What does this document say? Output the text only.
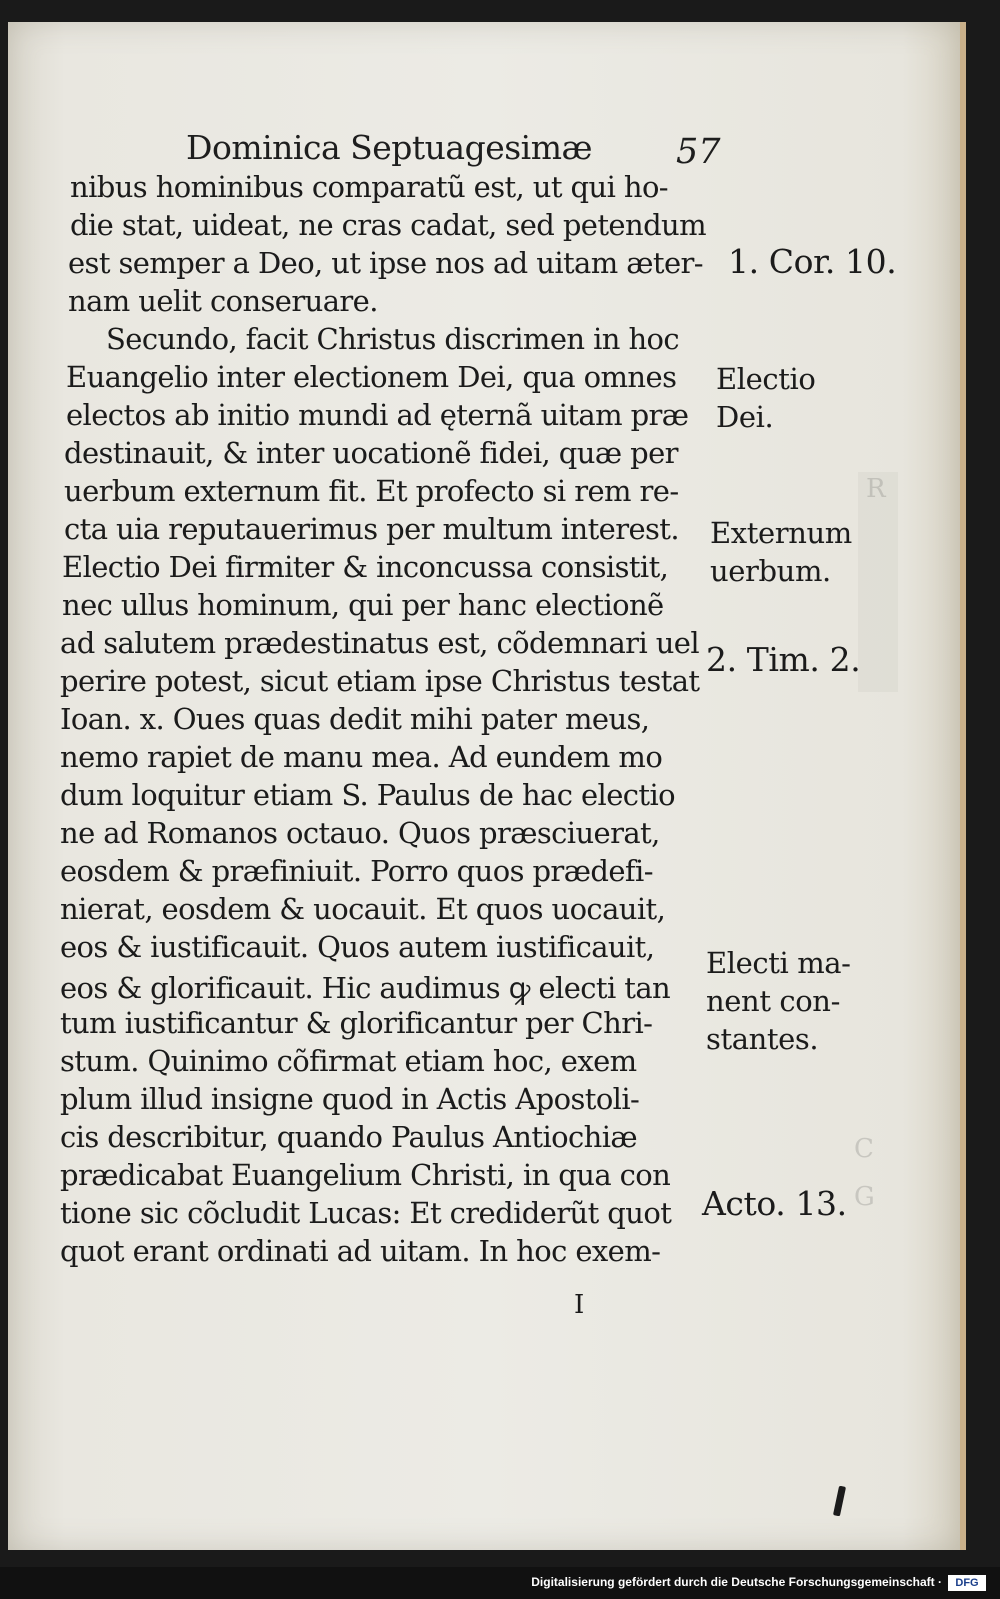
R
C
G
Dominica Septuagesimæ 57
nibus hominibus comparatũ est, ut qui ho-
die stat, uideat, ne cras cadat, sed petendum
est semper a Deo, ut ipse nos ad uitam æter-
nam uelit conseruare.
Secundo, facit Christus discrimen in hoc
Euangelio inter electionem Dei, qua omnes
electos ab initio mundi ad ęternã uitam præ
destinauit, & inter uocationẽ fidei, quæ per
uerbum externum fit. Et profecto si rem re-
cta uia reputauerimus per multum interest.
Electio Dei firmiter & inconcussa consistit,
nec ullus hominum, qui per hanc electionẽ
ad salutem prædestinatus est, cõdemnari uel
perire potest, sicut etiam ipse Christus testat
Ioan. x. Oues quas dedit mihi pater meus,
nemo rapiet de manu mea. Ad eundem mo
dum loquitur etiam S. Paulus de hac electio
ne ad Romanos octauo. Quos præsciuerat,
eosdem & præfiniuit. Porro quos prædefi-
nierat, eosdem & uocauit. Et quos uocauit,
eos & iustificauit. Quos autem iustificauit,
eos & glorificauit. Hic audimus ꝙ electi tan
tum iustificantur & glorificantur per Chri-
stum. Quinimo cõfirmat etiam hoc, exem
plum illud insigne quod in Actis Apostoli-
cis describitur, quando Paulus Antiochiæ
prædicabat Euangelium Christi, in qua con
tione sic cõcludit Lucas: Et crediderũt quot
quot erant ordinati ad uitam. In hoc exem-
1. Cor. 10.
Electio
Dei.
Externum
uerbum.
2. Tim. 2.
Electi ma-
nent con-
stantes.
Acto. 13.
I
Digitalisierung gefördert durch die Deutsche Forschungsgemeinschaft ·	DFG
